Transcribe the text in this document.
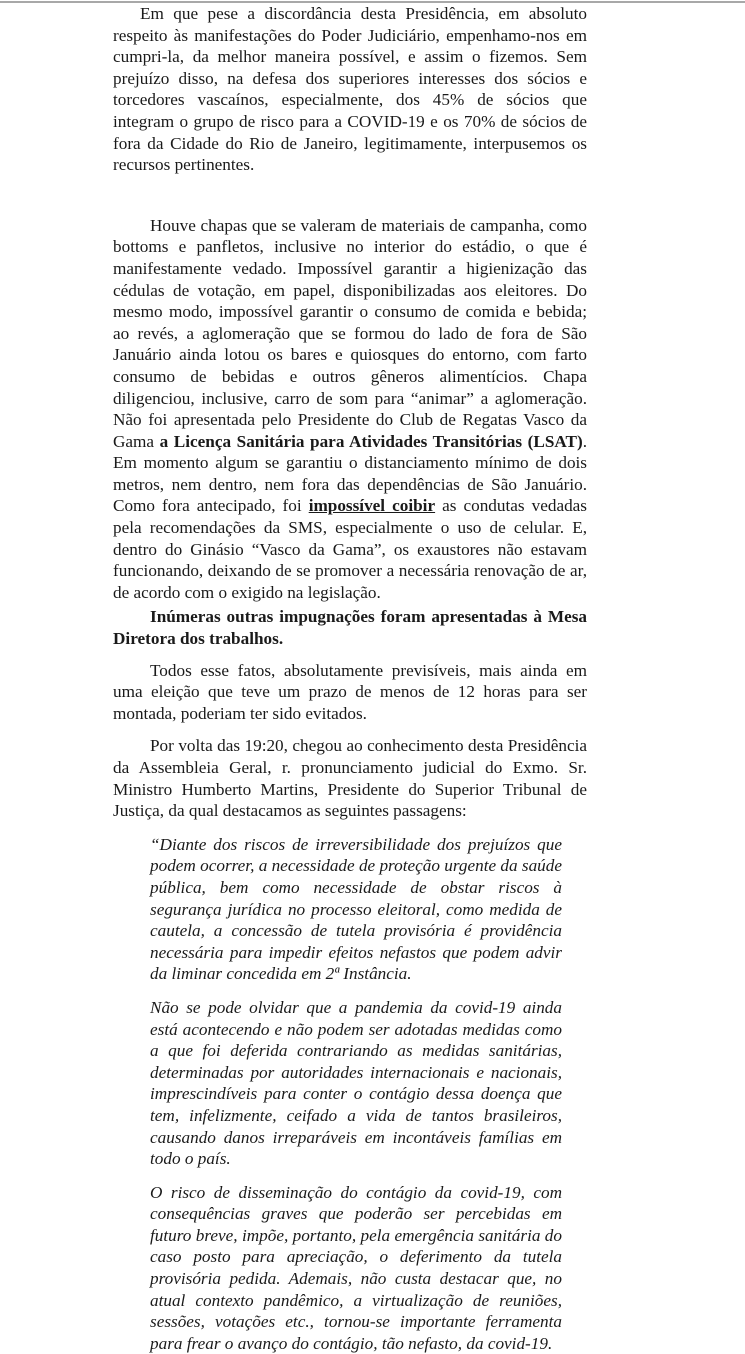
Em que pese a discordância desta Presidência, em absoluto respeito às manifestações do Poder Judiciário, empenhamo-nos em cumpri-la, da melhor maneira possível, e assim o fizemos. Sem prejuízo disso, na defesa dos superiores interesses dos sócios e torcedores vascaínos, especialmente, dos 45% de sócios que integram o grupo de risco para a COVID-19 e os 70% de sócios de fora da Cidade do Rio de Janeiro, legitimamente, interpusemos os recursos pertinentes.

Houve chapas que se valeram de materiais de campanha, como bottoms e panfletos, inclusive no interior do estádio, o que é manifestamente vedado. Impossível garantir a higienização das cédulas de votação, em papel, disponibilizadas aos eleitores. Do mesmo modo, impossível garantir o consumo de comida e bebida; ao revés, a aglomeração que se formou do lado de fora de São Januário ainda lotou os bares e quiosques do entorno, com farto consumo de bebidas e outros gêneros alimentícios. Chapa diligenciou, inclusive, carro de som para “animar” a aglomeração. Não foi apresentada pelo Presidente do Club de Regatas Vasco da Gama a Licença Sanitária para Atividades Transitórias (LSAT). Em momento algum se garantiu o distanciamento mínimo de dois metros, nem dentro, nem fora das dependências de São Januário. Como fora antecipado, foi impossível coibir as condutas vedadas pela recomendações da SMS, especialmente o uso de celular. E, dentro do Ginásio “Vasco da Gama”, os exaustores não estavam funcionando, deixando de se promover a necessária renovação de ar, de acordo com o exigido na legislação.

Inúmeras outras impugnações foram apresentadas à Mesa Diretora dos trabalhos.

Todos esse fatos, absolutamente previsíveis, mais ainda em uma eleição que teve um prazo de menos de 12 horas para ser montada, poderiam ter sido evitados.

Por volta das 19:20, chegou ao conhecimento desta Presidência da Assembleia Geral, r. pronunciamento judicial do Exmo. Sr. Ministro Humberto Martins, Presidente do Superior Tribunal de Justiça, da qual destacamos as seguintes passagens:

“Diante dos riscos de irreversibilidade dos prejuízos que podem ocorrer, a necessidade de proteção urgente da saúde pública, bem como necessidade de obstar riscos à segurança jurídica no processo eleitoral, como medida de cautela, a concessão de tutela provisória é providência necessária para impedir efeitos nefastos que podem advir da liminar concedida em 2ª Instância.

Não se pode olvidar que a pandemia da covid-19 ainda está acontecendo e não podem ser adotadas medidas como a que foi deferida contrariando as medidas sanitárias, determinadas por autoridades internacionais e nacionais, imprescindíveis para conter o contágio dessa doença que tem, infelizmente, ceifado a vida de tantos brasileiros, causando danos irreparáveis em incontáveis famílias em todo o país.

O risco de disseminação do contágio da covid-19, com consequências graves que poderão ser percebidas em futuro breve, impõe, portanto, pela emergência sanitária do caso posto para apreciação, o deferimento da tutela provisória pedida. Ademais, não custa destacar que, no atual contexto pandêmico, a virtualização de reuniões, sessões, votações etc., tornou-se importante ferramenta para frear o avanço do contágio, tão nefasto, da covid-19.
